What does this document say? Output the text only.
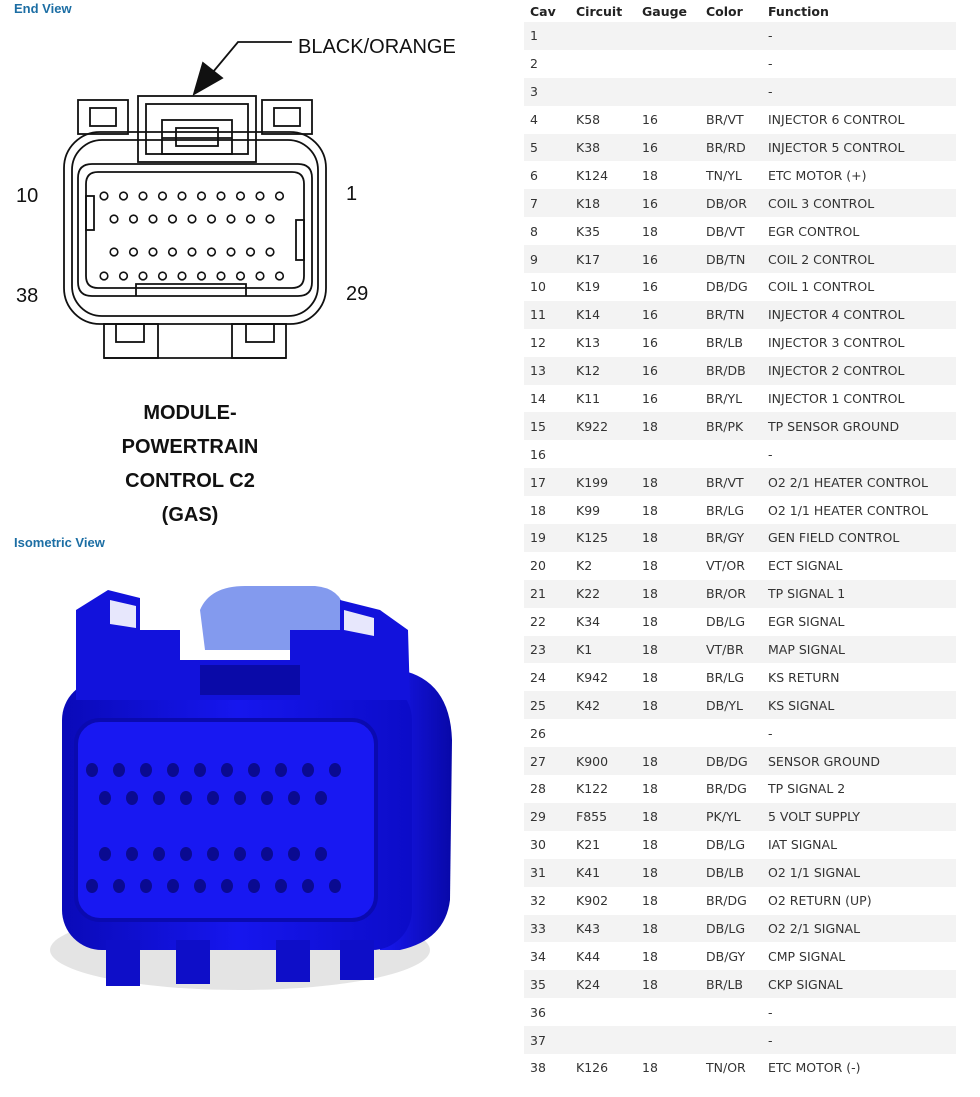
End View
BLACK/ORANGE
10	1
38	29
MODULE-
POWERTRAIN
CONTROL C2
(GAS)
Isometric View
Cav	Circuit	Gauge	Color	Function
1				-
2				-
3				-
4	K58	16	BR/VT	INJECTOR 6 CONTROL
5	K38	16	BR/RD	INJECTOR 5 CONTROL
6	K124	18	TN/YL	ETC MOTOR (+)
7	K18	16	DB/OR	COIL 3 CONTROL
8	K35	18	DB/VT	EGR CONTROL
9	K17	16	DB/TN	COIL 2 CONTROL
10	K19	16	DB/DG	COIL 1 CONTROL
11	K14	16	BR/TN	INJECTOR 4 CONTROL
12	K13	16	BR/LB	INJECTOR 3 CONTROL
13	K12	16	BR/DB	INJECTOR 2 CONTROL
14	K11	16	BR/YL	INJECTOR 1 CONTROL
15	K922	18	BR/PK	TP SENSOR GROUND
16				-
17	K199	18	BR/VT	O2 2/1 HEATER CONTROL
18	K99	18	BR/LG	O2 1/1 HEATER CONTROL
19	K125	18	BR/GY	GEN FIELD CONTROL
20	K2	18	VT/OR	ECT SIGNAL
21	K22	18	BR/OR	TP SIGNAL 1
22	K34	18	DB/LG	EGR SIGNAL
23	K1	18	VT/BR	MAP SIGNAL
24	K942	18	BR/LG	KS RETURN
25	K42	18	DB/YL	KS SIGNAL
26				-
27	K900	18	DB/DG	SENSOR GROUND
28	K122	18	BR/DG	TP SIGNAL 2
29	F855	18	PK/YL	5 VOLT SUPPLY
30	K21	18	DB/LG	IAT SIGNAL
31	K41	18	DB/LB	O2 1/1 SIGNAL
32	K902	18	BR/DG	O2 RETURN (UP)
33	K43	18	DB/LG	O2 2/1 SIGNAL
34	K44	18	DB/GY	CMP SIGNAL
35	K24	18	BR/LB	CKP SIGNAL
36				-
37				-
38	K126	18	TN/OR	ETC MOTOR (-)
